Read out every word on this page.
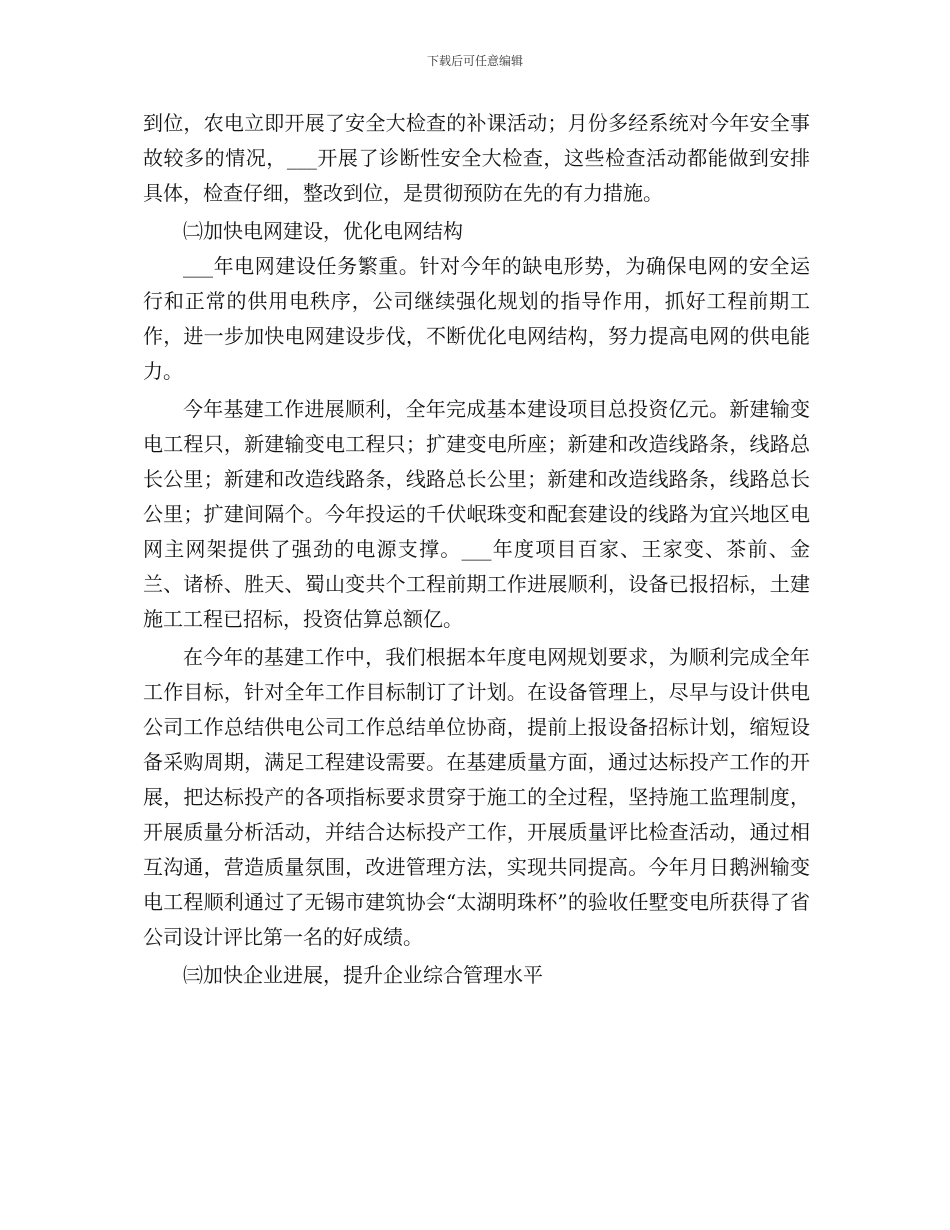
下载后可任意编辑

到位，农电立即开展了安全大检查的补课活动；月份多经系统对今年安全事故较多的情况，___开展了诊断性安全大检查，这些检查活动都能做到安排具体，检查仔细，整改到位，是贯彻预防在先的有力措施。

㈡加快电网建设，优化电网结构

___年电网建设任务繁重。针对今年的缺电形势，为确保电网的安全运行和正常的供用电秩序，公司继续强化规划的指导作用，抓好工程前期工作，进一步加快电网建设步伐，不断优化电网结构，努力提高电网的供电能力。

今年基建工作进展顺利，全年完成基本建设项目总投资亿元。新建输变电工程只，新建输变电工程只；扩建变电所座；新建和改造线路条，线路总长公里；新建和改造线路条，线路总长公里；新建和改造线路条，线路总长公里；扩建间隔个。今年投运的千伏岷珠变和配套建设的线路为宜兴地区电网主网架提供了强劲的电源支撑。___年度项目百家、王家变、茶前、金兰、诸桥、胜天、蜀山变共个工程前期工作进展顺利，设备已报招标，土建施工工程已招标，投资估算总额亿。

在今年的基建工作中，我们根据本年度电网规划要求，为顺利完成全年工作目标，针对全年工作目标制订了计划。在设备管理上，尽早与设计供电公司工作总结供电公司工作总结单位协商，提前上报设备招标计划，缩短设备采购周期，满足工程建设需要。在基建质量方面，通过达标投产工作的开展，把达标投产的各项指标要求贯穿于施工的全过程，坚持施工监理制度，开展质量分析活动，并结合达标投产工作，开展质量评比检查活动，通过相互沟通，营造质量氛围，改进管理方法，实现共同提高。今年月日鹅洲输变电工程顺利通过了无锡市建筑协会“太湖明珠杯”的验收任墅变电所获得了省公司设计评比第一名的好成绩。

㈢加快企业进展，提升企业综合管理水平
